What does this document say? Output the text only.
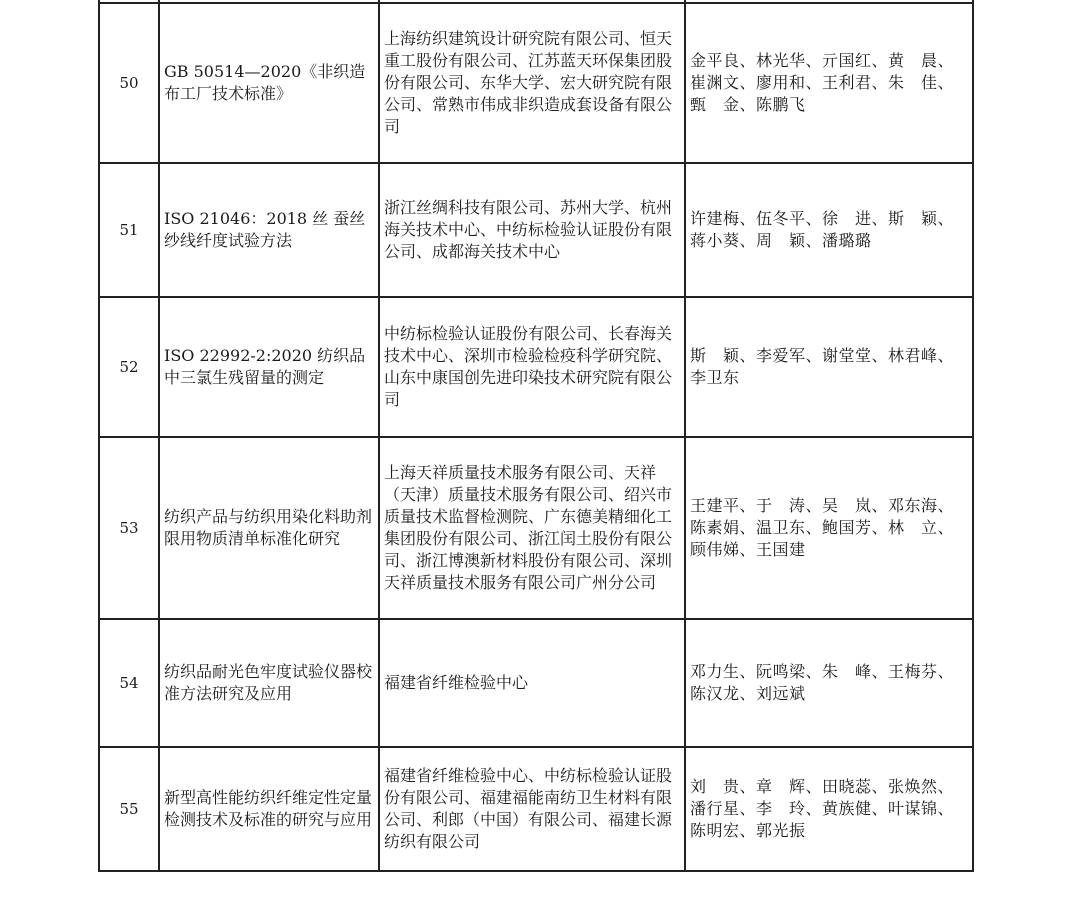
50	GB 50514—2020《非织造布工厂技术标准》	上海纺织建筑设计研究院有限公司、恒天重工股份有限公司、江苏蓝天环保集团股份有限公司、东华大学、宏大研究院有限公司、常熟市伟成非织造成套设备有限公司	金平良、林光华、亓国红、黄　晨、崔渊文、廖用和、王利君、朱　佳、甄　金、陈鹏飞
51	ISO 21046：2018 丝 蚕丝纱线纤度试验方法	浙江丝绸科技有限公司、苏州大学、杭州海关技术中心、中纺标检验认证股份有限公司、成都海关技术中心	许建梅、伍冬平、徐　进、斯　颖、蒋小葵、周　颖、潘璐璐
52	ISO 22992-2:2020 纺织品中三氯生残留量的测定	中纺标检验认证股份有限公司、长春海关技术中心、深圳市检验检疫科学研究院、山东中康国创先进印染技术研究院有限公司	斯　颖、李爱军、谢堂堂、林君峰、李卫东
53	纺织产品与纺织用染化料助剂限用物质清单标准化研究	上海天祥质量技术服务有限公司、天祥（天津）质量技术服务有限公司、绍兴市质量技术监督检测院、广东德美精细化工集团股份有限公司、浙江闰土股份有限公司、浙江博澳新材料股份有限公司、深圳天祥质量技术服务有限公司广州分公司	王建平、于　涛、吴　岚、邓东海、陈素娟、温卫东、鲍国芳、林　立、顾伟娣、王国建
54	纺织品耐光色牢度试验仪器校准方法研究及应用	福建省纤维检验中心	邓力生、阮鸣梁、朱　峰、王梅芬、陈汉龙、刘远斌
55	新型高性能纺织纤维定性定量检测技术及标准的研究与应用	福建省纤维检验中心、中纺标检验认证股份有限公司、福建福能南纺卫生材料有限公司、利郎（中国）有限公司、福建长源纺织有限公司	刘　贵、章　辉、田晓蕊、张焕然、潘行星、李　玲、黄族健、叶谋锦、陈明宏、郭光振
